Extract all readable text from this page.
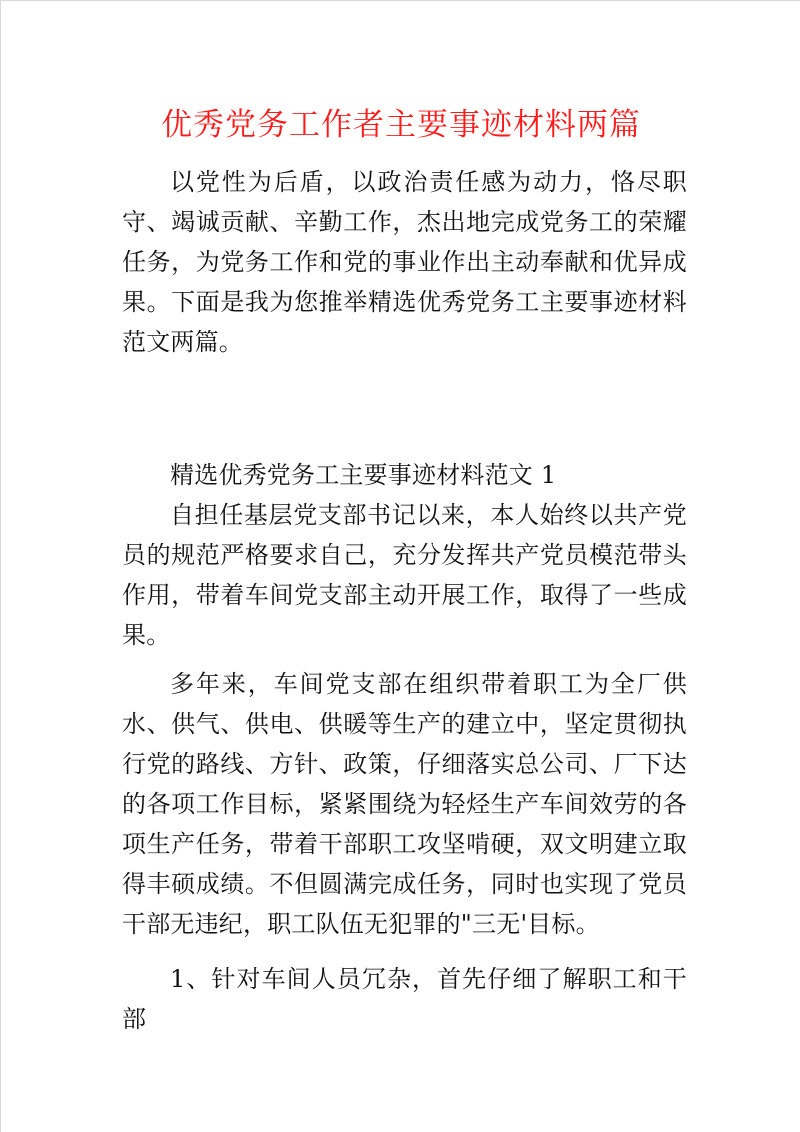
优秀党务工作者主要事迹材料两篇

以党性为后盾，以政治责任感为动力，恪尽职守、竭诚贡献、辛勤工作，杰出地完成党务工的荣耀任务，为党务工作和党的事业作出主动奉献和优异成果。下面是我为您推举精选优秀党务工主要事迹材料范文两篇。

精选优秀党务工主要事迹材料范文 1

自担任基层党支部书记以来，本人始终以共产党员的规范严格要求自己，充分发挥共产党员模范带头作用，带着车间党支部主动开展工作，取得了一些成果。

多年来，车间党支部在组织带着职工为全厂供水、供气、供电、供暖等生产的建立中，坚定贯彻执行党的路线、方针、政策，仔细落实总公司、厂下达的各项工作目标，紧紧围绕为轻烃生产车间效劳的各项生产任务，带着干部职工攻坚啃硬，双文明建立取得丰硕成绩。不但圆满完成任务，同时也实现了党员干部无违纪，职工队伍无犯罪的"三无'目标。

1、针对车间人员冗杂，首先仔细了解职工和干部
